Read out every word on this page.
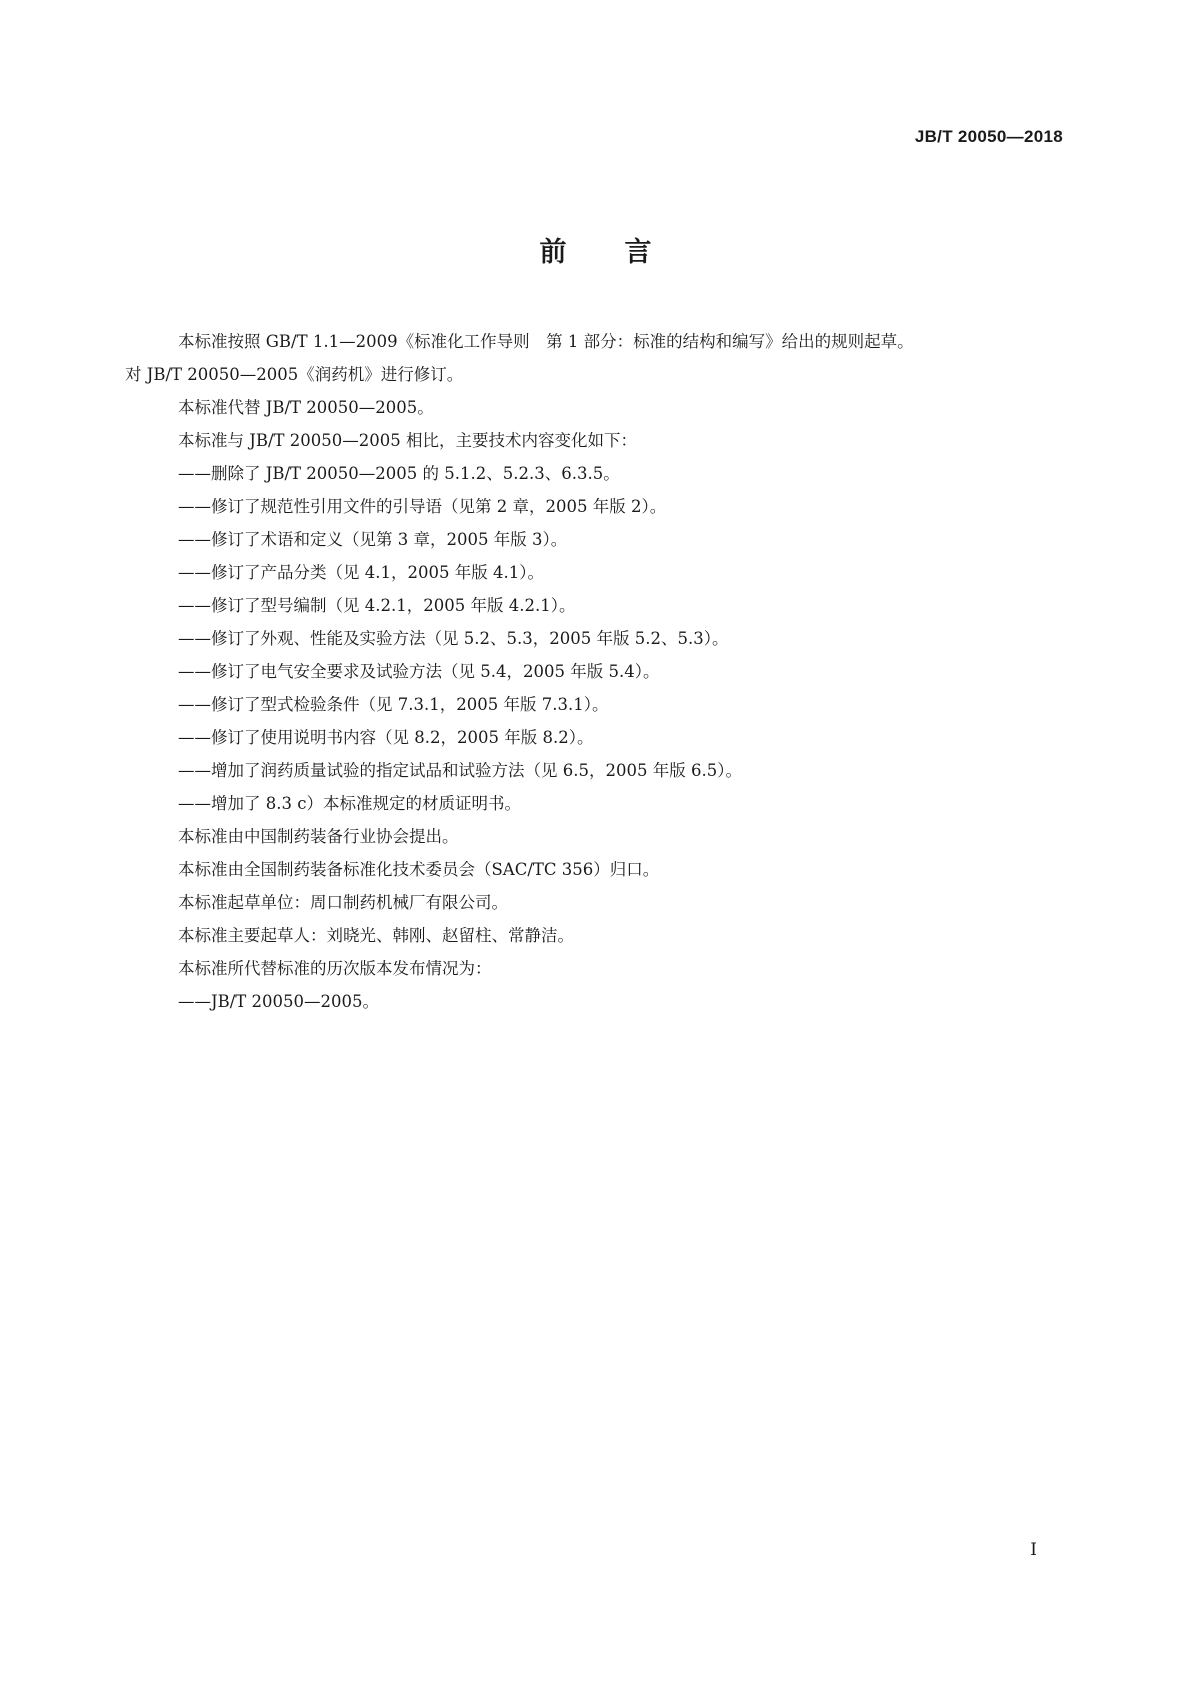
JB/T 20050—2018
前言
本标准按照 GB/T 1.1—2009《标准化工作导则　第 1 部分：标准的结构和编写》给出的规则起草。
对 JB/T 20050—2005《润药机》进行修订。
本标准代替 JB/T 20050—2005。
本标准与 JB/T 20050—2005 相比，主要技术内容变化如下：
——删除了 JB/T 20050—2005 的 5.1.2、5.2.3、6.3.5。
——修订了规范性引用文件的引导语（见第 2 章，2005 年版 2）。
——修订了术语和定义（见第 3 章，2005 年版 3）。
——修订了产品分类（见 4.1，2005 年版 4.1）。
——修订了型号编制（见 4.2.1，2005 年版 4.2.1）。
——修订了外观、性能及实验方法（见 5.2、5.3，2005 年版 5.2、5.3）。
——修订了电气安全要求及试验方法（见 5.4，2005 年版 5.4）。
——修订了型式检验条件（见 7.3.1，2005 年版 7.3.1）。
——修订了使用说明书内容（见 8.2，2005 年版 8.2）。
——增加了润药质量试验的指定试品和试验方法（见 6.5，2005 年版 6.5）。
——增加了 8.3 c）本标准规定的材质证明书。
本标准由中国制药装备行业协会提出。
本标准由全国制药装备标准化技术委员会（SAC/TC 356）归口。
本标准起草单位：周口制药机械厂有限公司。
本标准主要起草人：刘晓光、韩刚、赵留柱、常静洁。
本标准所代替标准的历次版本发布情况为：
——JB/T 20050—2005。
I
